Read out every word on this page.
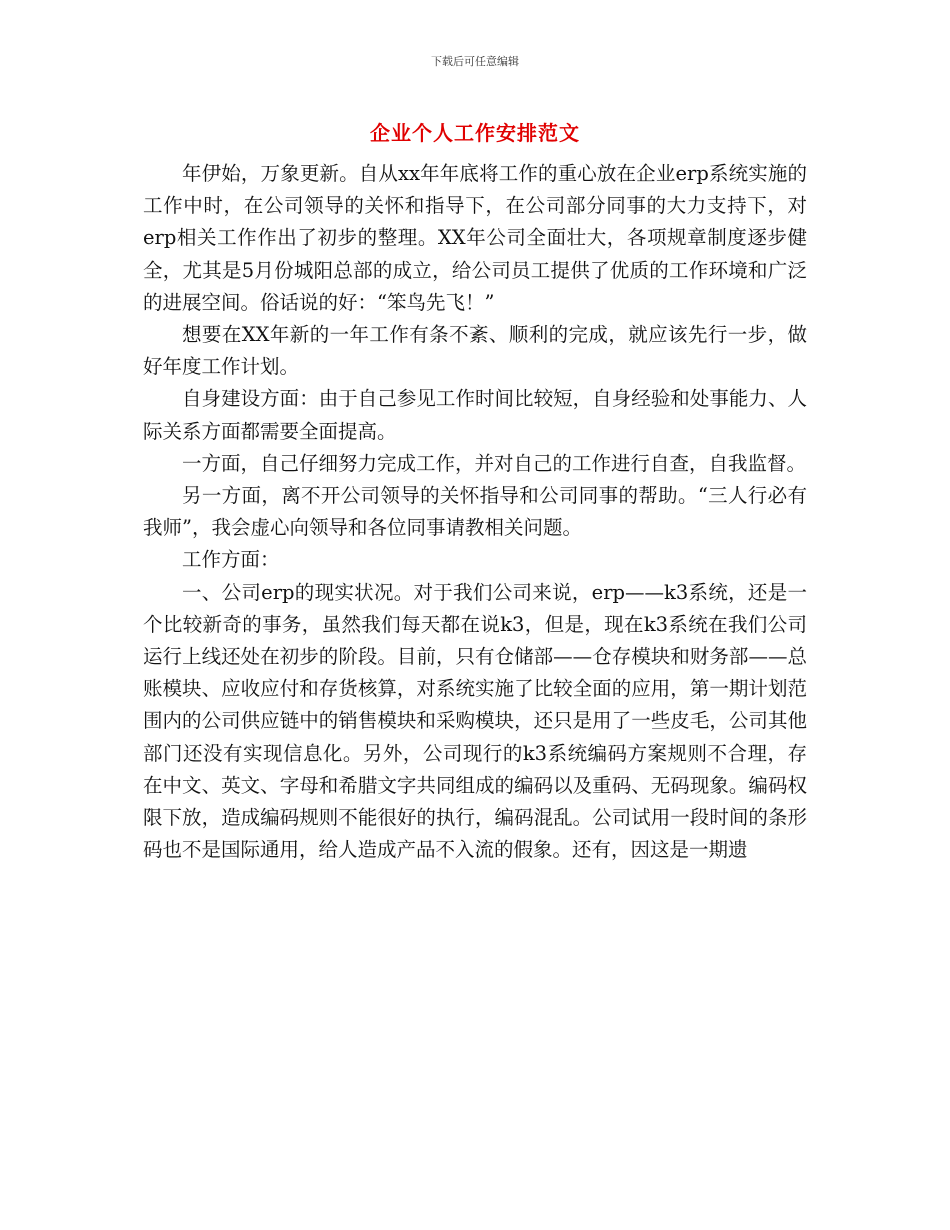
下载后可任意编辑
企业个人工作安排范文

年伊始，万象更新。自从xx年年底将工作的重心放在企业erp系统实施的工作中时，在公司领导的关怀和指导下，在公司部分同事的大力支持下，对erp相关工作作出了初步的整理。XX年公司全面壮大，各项规章制度逐步健全，尤其是5月份城阳总部的成立，给公司员工提供了优质的工作环境和广泛的进展空间。俗话说的好：“笨鸟先飞！”

想要在XX年新的一年工作有条不紊、顺利的完成，就应该先行一步，做好年度工作计划。

自身建设方面：由于自己参见工作时间比较短，自身经验和处事能力、人际关系方面都需要全面提高。

一方面，自己仔细努力完成工作，并对自己的工作进行自查，自我监督。

另一方面，离不开公司领导的关怀指导和公司同事的帮助。“三人行必有我师”，我会虚心向领导和各位同事请教相关问题。

工作方面：

一、公司erp的现实状况。对于我们公司来说，erp——k3系统，还是一个比较新奇的事务，虽然我们每天都在说k3，但是，现在k3系统在我们公司运行上线还处在初步的阶段。目前，只有仓储部——仓存模块和财务部——总账模块、应收应付和存货核算，对系统实施了比较全面的应用，第一期计划范围内的公司供应链中的销售模块和采购模块，还只是用了一些皮毛，公司其他部门还没有实现信息化。另外，公司现行的k3系统编码方案规则不合理，存在中文、英文、字母和希腊文字共同组成的编码以及重码、无码现象。编码权限下放，造成编码规则不能很好的执行，编码混乱。公司试用一段时间的条形码也不是国际通用，给人造成产品不入流的假象。还有，因这是一期遗
